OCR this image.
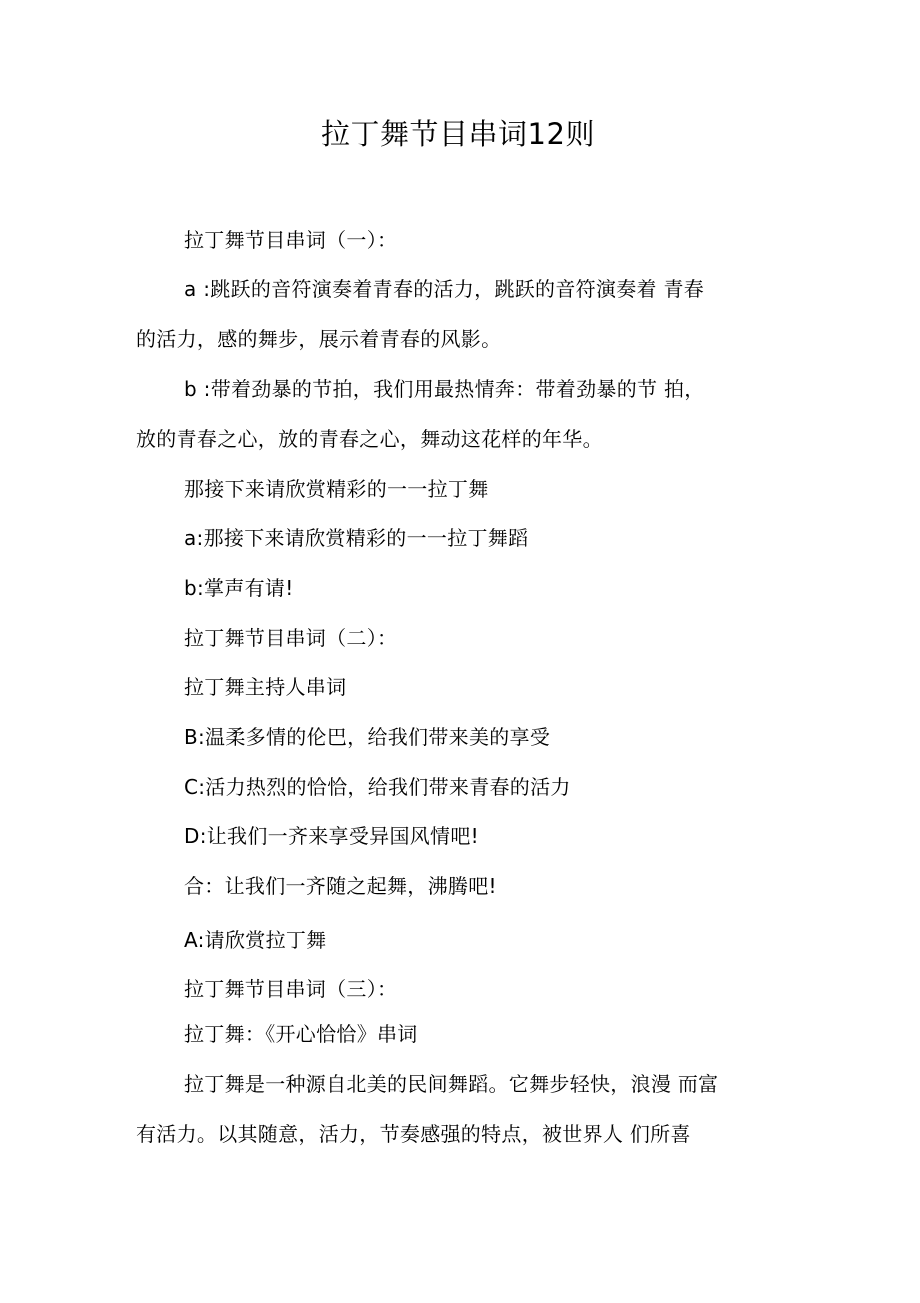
拉丁舞节目串词12则
拉丁舞节目串词（一）：
a :跳跃的音符演奏着青春的活力，跳跃的音符演奏着 青春
的活力，感的舞步，展示着青春的风影。
b :带着劲暴的节拍，我们用最热情奔：带着劲暴的节 拍，
放的青春之心，放的青春之心，舞动这花样的年华。
那接下来请欣赏精彩的一一拉丁舞
a:那接下来请欣赏精彩的一一拉丁舞蹈
b:掌声有请!
拉丁舞节目串词（二）：
拉丁舞主持人串词
B:温柔多情的伦巴，给我们带来美的享受
C:活力热烈的恰恰，给我们带来青春的活力
D:让我们一齐来享受异国风情吧!
合：让我们一齐随之起舞，沸腾吧!
A:请欣赏拉丁舞
拉丁舞节目串词（三）：
拉丁舞：《开心恰恰》串词
拉丁舞是一种源自北美的民间舞蹈。它舞步轻快，浪漫 而富
有活力。以其随意，活力，节奏感强的特点，被世界人 们所喜
